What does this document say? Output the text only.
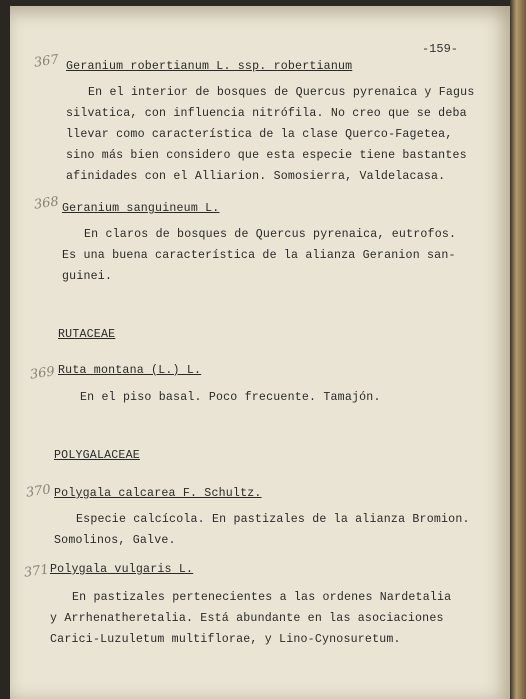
-159-
367 Geranium robertianum L. ssp. robertianum
En el interior de bosques de Quercus pyrenaica y Fagus
silvatica, con influencia nitrófila. No creo que se deba
llevar como característica de la clase Querco-Fagetea,
sino más bien considero que esta especie tiene bastantes
afinidades con el Alliarion. Somosierra, Valdelacasa.
368 Geranium sanguineum L.
En claros de bosques de Quercus pyrenaica, eutrofos.
Es una buena característica de la alianza Geranion san-
guinei.
RUTACEAE
369 Ruta montana (L.) L.
En el piso basal. Poco frecuente. Tamajón.
POLYGALACEAE
370 Polygala calcarea F. Schultz.
Especie calcícola. En pastizales de la alianza Bromion.
Somolinos, Galve.
371 Polygala vulgaris L.
En pastizales pertenecientes a las ordenes Nardetalia
y Arrhenatheretalia. Está abundante en las asociaciones
Carici-Luzuletum multiflorae, y Lino-Cynosuretum.
